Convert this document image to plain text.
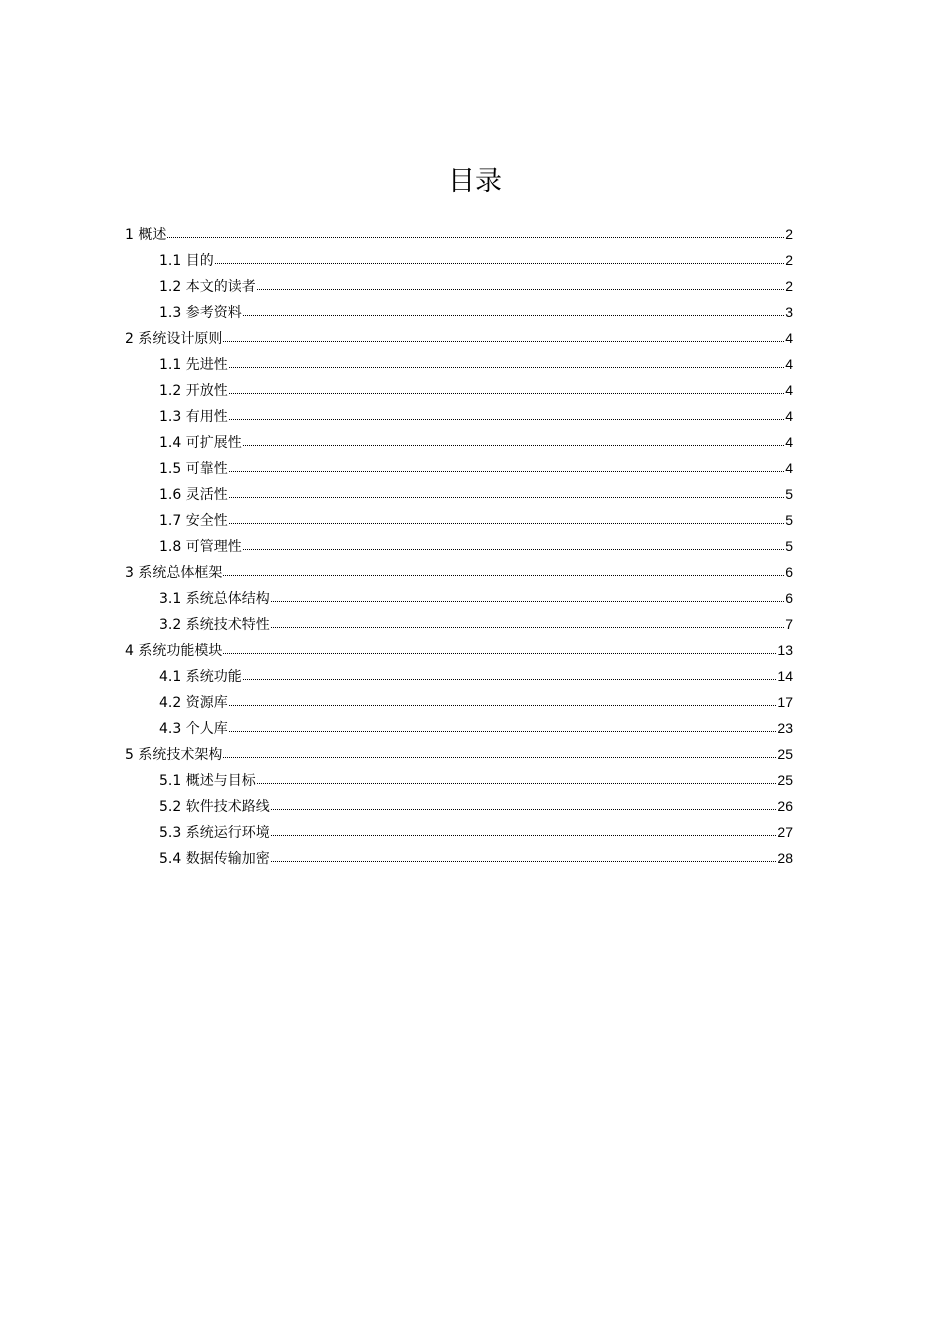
目录
1 概述	2
1.1 目的	2
1.2 本文的读者	2
1.3 参考资料	3
2 系统设计原则	4
1.1 先进性	4
1.2 开放性	4
1.3 有用性	4
1.4 可扩展性	4
1.5 可靠性	4
1.6 灵活性	5
1.7 安全性	5
1.8 可管理性	5
3 系统总体框架	6
3.1 系统总体结构	6
3.2 系统技术特性	7
4 系统功能模块	13
4.1 系统功能	14
4.2 资源库	17
4.3 个人库	23
5 系统技术架构	25
5.1 概述与目标	25
5.2 软件技术路线	26
5.3 系统运行环境	27
5.4 数据传输加密	28
